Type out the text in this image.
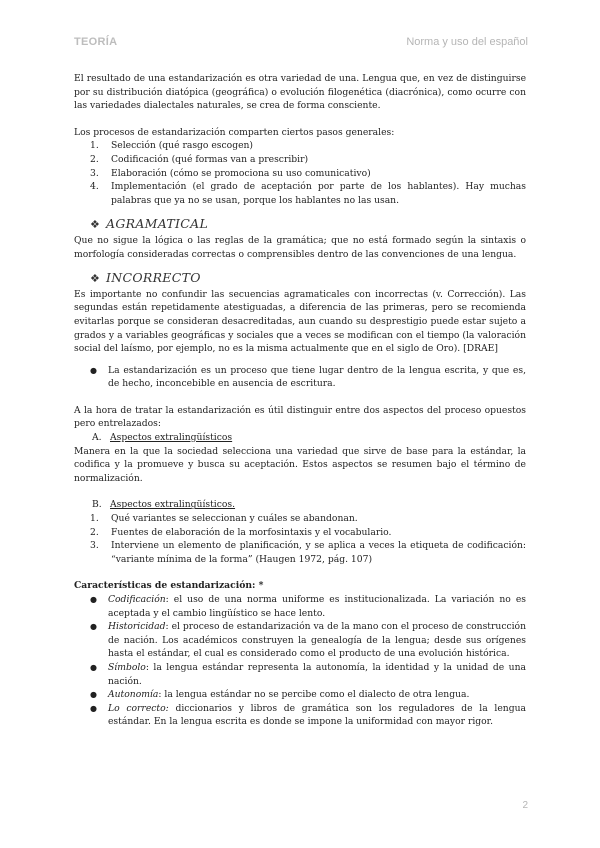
TEORÍA	Norma y uso del español

El resultado de una estandarización es otra variedad de una. Lengua que, en vez de distinguirse por su distribución diatópica (geográfica) o evolución filogenética (diacrónica), como ocurre con las variedades dialectales naturales, se crea de forma consciente.

Los procesos de estandarización comparten ciertos pasos generales:

1.	Selección (qué rasgo escogen)
2.	Codificación (qué formas van a prescribir)
3.	Elaboración (cómo se promociona su uso comunicativo)
4.	Implementación (el grado de aceptación por parte de los hablantes). Hay muchas palabras que ya no se usan, porque los hablantes no las usan.
❖ AGRAMATICAL

Que no sigue la lógica o las reglas de la gramática; que no está formado según la sintaxis o morfología consideradas correctas o comprensibles dentro de las convenciones de una lengua.

❖ INCORRECTO

Es importante no confundir las secuencias agramaticales con incorrectas (v. Corrección). Las segundas están repetidamente atestiguadas, a diferencia de las primeras, pero se recomienda evitarlas porque se consideran desacreditadas, aun cuando su desprestigio puede estar sujeto a grados y a variables geográficas y sociales que a veces se modifican con el tiempo (la valoración social del laísmo, por ejemplo, no es la misma actualmente que en el siglo de Oro). [DRAE]

●	La estandarización es un proceso que tiene lugar dentro de la lengua escrita, y que es, de hecho, inconcebible en ausencia de escritura.

A la hora de tratar la estandarización es útil distinguir entre dos aspectos del proceso opuestos pero entrelazados:

A. Aspectos extralingüísticos

Manera en la que la sociedad selecciona una variedad que sirve de base para la estándar, la codifica y la promueve y busca su aceptación. Estos aspectos se resumen bajo el término de normalización.

B. Aspectos extralingüísticos.
1.	Qué variantes se seleccionan y cuáles se abandonan.
2.	Fuentes de elaboración de la morfosintaxis y el vocabulario.
3.	Interviene un elemento de planificación, y se aplica a veces la etiqueta de codificación: “variante mínima de la forma” (Haugen 1972, pág. 107)

Características de estandarización: *

●	Codificación: el uso de una norma uniforme es institucionalizada. La variación no es aceptada y el cambio lingüístico se hace lento.
●	Historicidad: el proceso de estandarización va de la mano con el proceso de construcción de nación. Los académicos construyen la genealogía de la lengua; desde sus orígenes hasta el estándar, el cual es considerado como el producto de una evolución histórica.
●	Símbolo: la lengua estándar representa la autonomía, la identidad y la unidad de una nación.
●	Autonomía: la lengua estándar no se percibe como el dialecto de otra lengua.
●	Lo correcto: diccionarios y libros de gramática son los reguladores de la lengua estándar. En la lengua escrita es donde se impone la uniformidad con mayor rigor.
2
